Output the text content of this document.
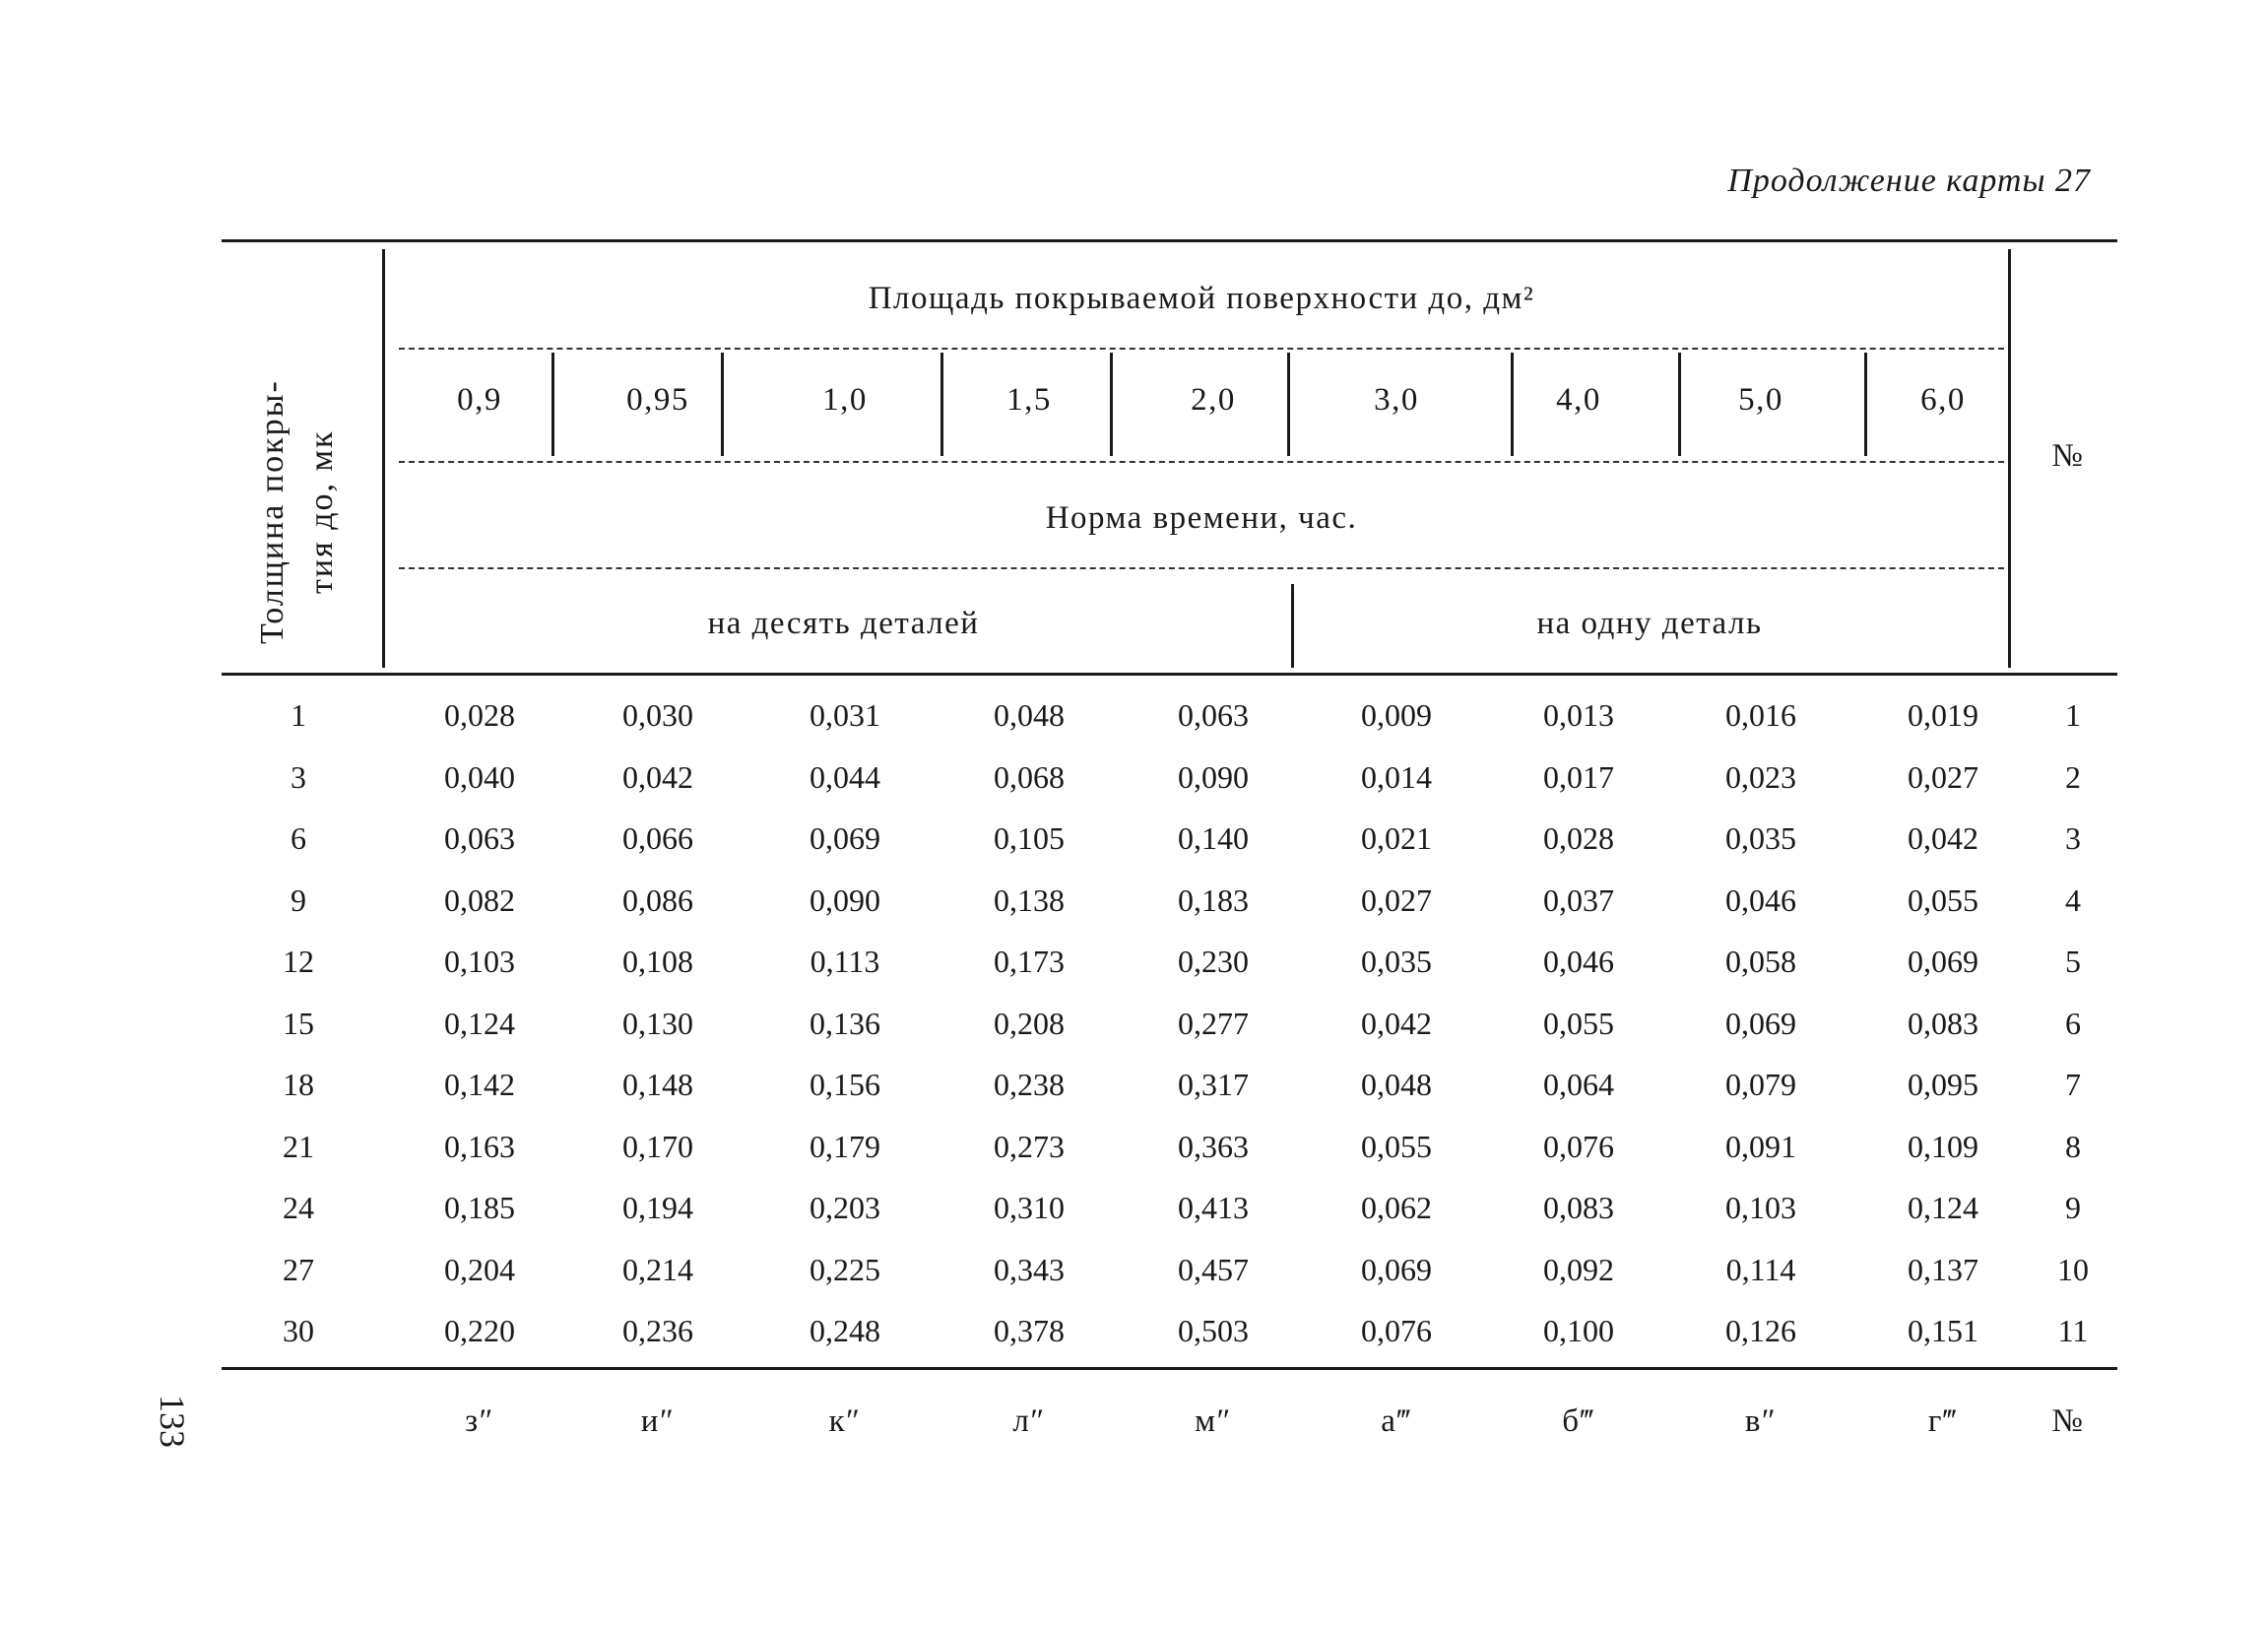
Продолжение карты 27
Толщина покры-тия до, мк
Площадь покрываемой поверхности до, дм²
0,9	0,95	1,0	1,5	2,0	3,0	4,0	5,0	6,0
Норма времени, час.
на десять деталей	на одну деталь
№
1	0,028	0,030	0,031	0,048	0,063	0,009	0,013	0,016	0,019	1
3	0,040	0,042	0,044	0,068	0,090	0,014	0,017	0,023	0,027	2
6	0,063	0,066	0,069	0,105	0,140	0,021	0,028	0,035	0,042	3
9	0,082	0,086	0,090	0,138	0,183	0,027	0,037	0,046	0,055	4
12	0,103	0,108	0,113	0,173	0,230	0,035	0,046	0,058	0,069	5
15	0,124	0,130	0,136	0,208	0,277	0,042	0,055	0,069	0,083	6
18	0,142	0,148	0,156	0,238	0,317	0,048	0,064	0,079	0,095	7
21	0,163	0,170	0,179	0,273	0,363	0,055	0,076	0,091	0,109	8
24	0,185	0,194	0,203	0,310	0,413	0,062	0,083	0,103	0,124	9
27	0,204	0,214	0,225	0,343	0,457	0,069	0,092	0,114	0,137	10
30	0,220	0,236	0,248	0,378	0,503	0,076	0,100	0,126	0,151	11
з″	и″	к″	л″	м″	а‴	б‴	в″	г‴	№
133
